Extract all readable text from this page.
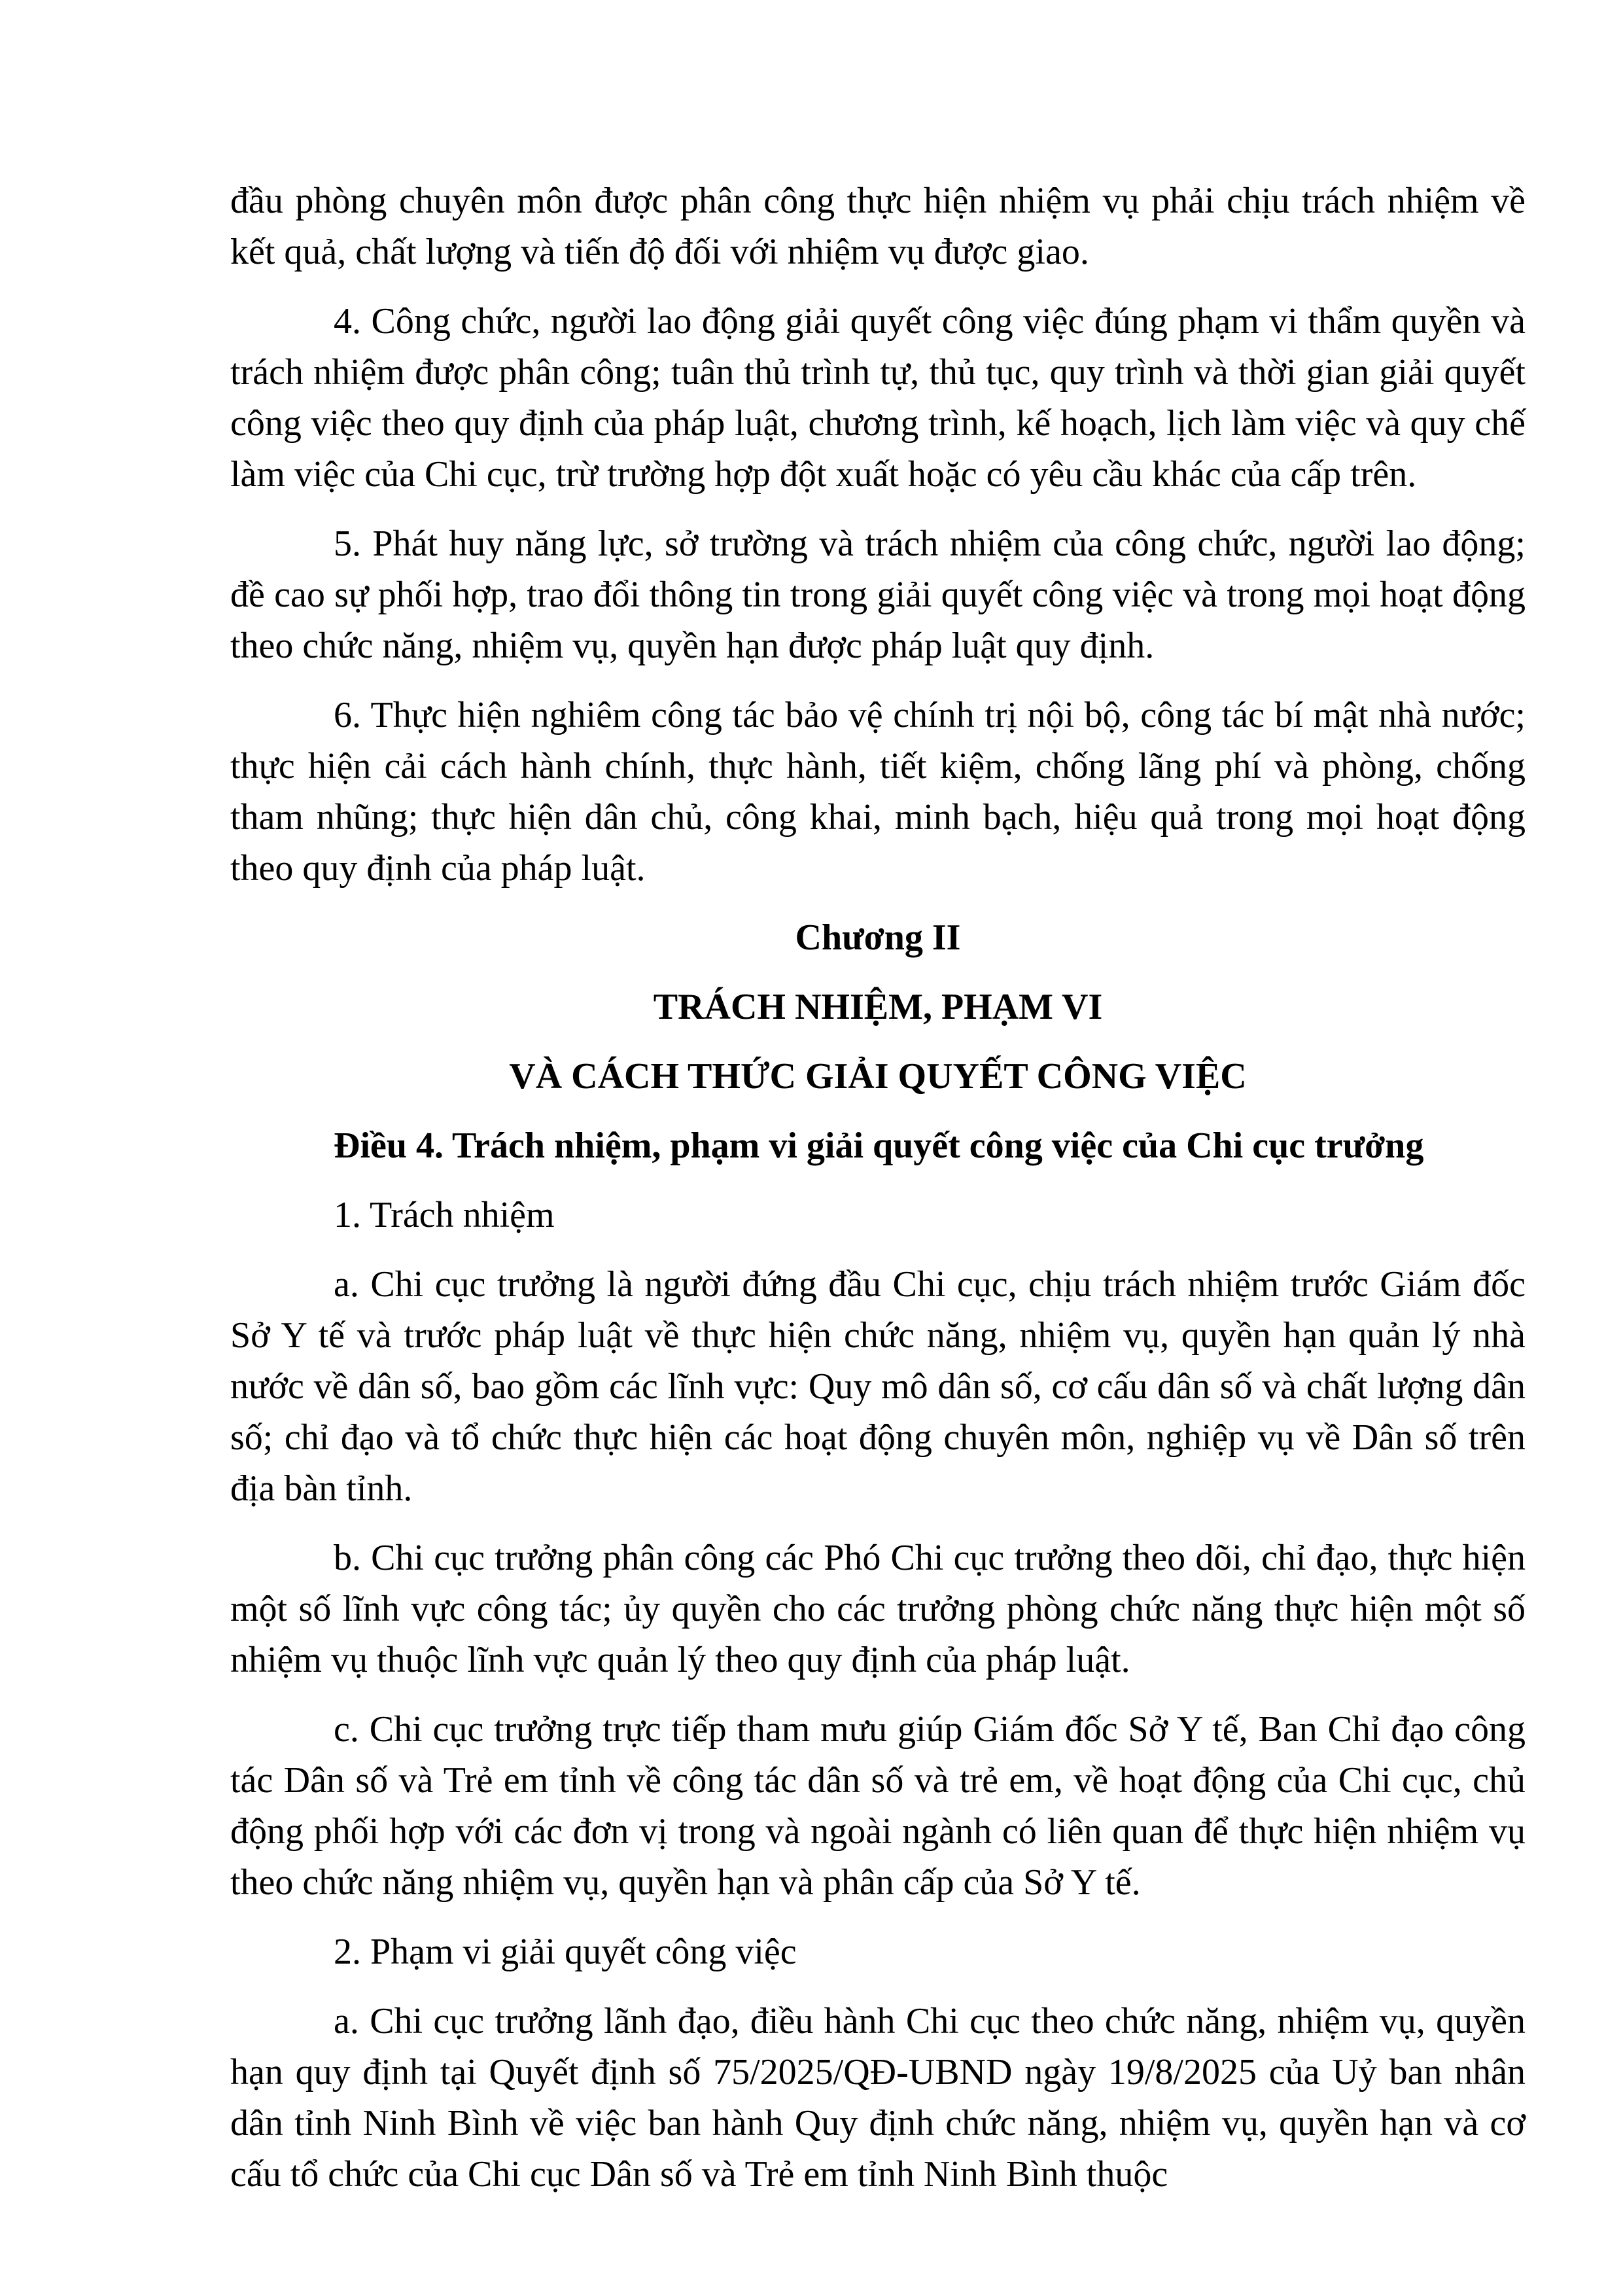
đầu phòng chuyên môn được phân công thực hiện nhiệm vụ phải chịu trách nhiệm về kết quả, chất lượng và tiến độ đối với nhiệm vụ được giao.

4. Công chức, người lao động giải quyết công việc đúng phạm vi thẩm quyền và trách nhiệm được phân công; tuân thủ trình tự, thủ tục, quy trình và thời gian giải quyết công việc theo quy định của pháp luật, chương trình, kế hoạch, lịch làm việc và quy chế làm việc của Chi cục, trừ trường hợp đột xuất hoặc có yêu cầu khác của cấp trên.

5. Phát huy năng lực, sở trường và trách nhiệm của công chức, người lao động; đề cao sự phối hợp, trao đổi thông tin trong giải quyết công việc và trong mọi hoạt động theo chức năng, nhiệm vụ, quyền hạn được pháp luật quy định.

6. Thực hiện nghiêm công tác bảo vệ chính trị nội bộ, công tác bí mật nhà nước; thực hiện cải cách hành chính, thực hành, tiết kiệm, chống lãng phí và phòng, chống tham nhũng; thực hiện dân chủ, công khai, minh bạch, hiệu quả trong mọi hoạt động theo quy định của pháp luật.

Chương II

TRÁCH NHIỆM, PHẠM VI

VÀ CÁCH THỨC GIẢI QUYẾT CÔNG VIỆC

Điều 4. Trách nhiệm, phạm vi giải quyết công việc của Chi cục trưởng

1. Trách nhiệm

a. Chi cục trưởng là người đứng đầu Chi cục, chịu trách nhiệm trước Giám đốc Sở Y tế và trước pháp luật về thực hiện chức năng, nhiệm vụ, quyền hạn quản lý nhà nước về dân số, bao gồm các lĩnh vực: Quy mô dân số, cơ cấu dân số và chất lượng dân số; chỉ đạo và tổ chức thực hiện các hoạt động chuyên môn, nghiệp vụ về Dân số trên địa bàn tỉnh.

b. Chi cục trưởng phân công các Phó Chi cục trưởng theo dõi, chỉ đạo, thực hiện một số lĩnh vực công tác; ủy quyền cho các trưởng phòng chức năng thực hiện một số nhiệm vụ thuộc lĩnh vực quản lý theo quy định của pháp luật.

c. Chi cục trưởng trực tiếp tham mưu giúp Giám đốc Sở Y tế, Ban Chỉ đạo công tác Dân số và Trẻ em tỉnh về công tác dân số và trẻ em, về hoạt động của Chi cục, chủ động phối hợp với các đơn vị trong và ngoài ngành có liên quan để thực hiện nhiệm vụ theo chức năng nhiệm vụ, quyền hạn và phân cấp của Sở Y tế.

2. Phạm vi giải quyết công việc

a. Chi cục trưởng lãnh đạo, điều hành Chi cục theo chức năng, nhiệm vụ, quyền hạn quy định tại Quyết định số 75/2025/QĐ-UBND ngày 19/8/2025 của Uỷ ban nhân dân tỉnh Ninh Bình về việc ban hành Quy định chức năng, nhiệm vụ, quyền hạn và cơ cấu tổ chức của Chi cục Dân số và Trẻ em tỉnh Ninh Bình thuộc
